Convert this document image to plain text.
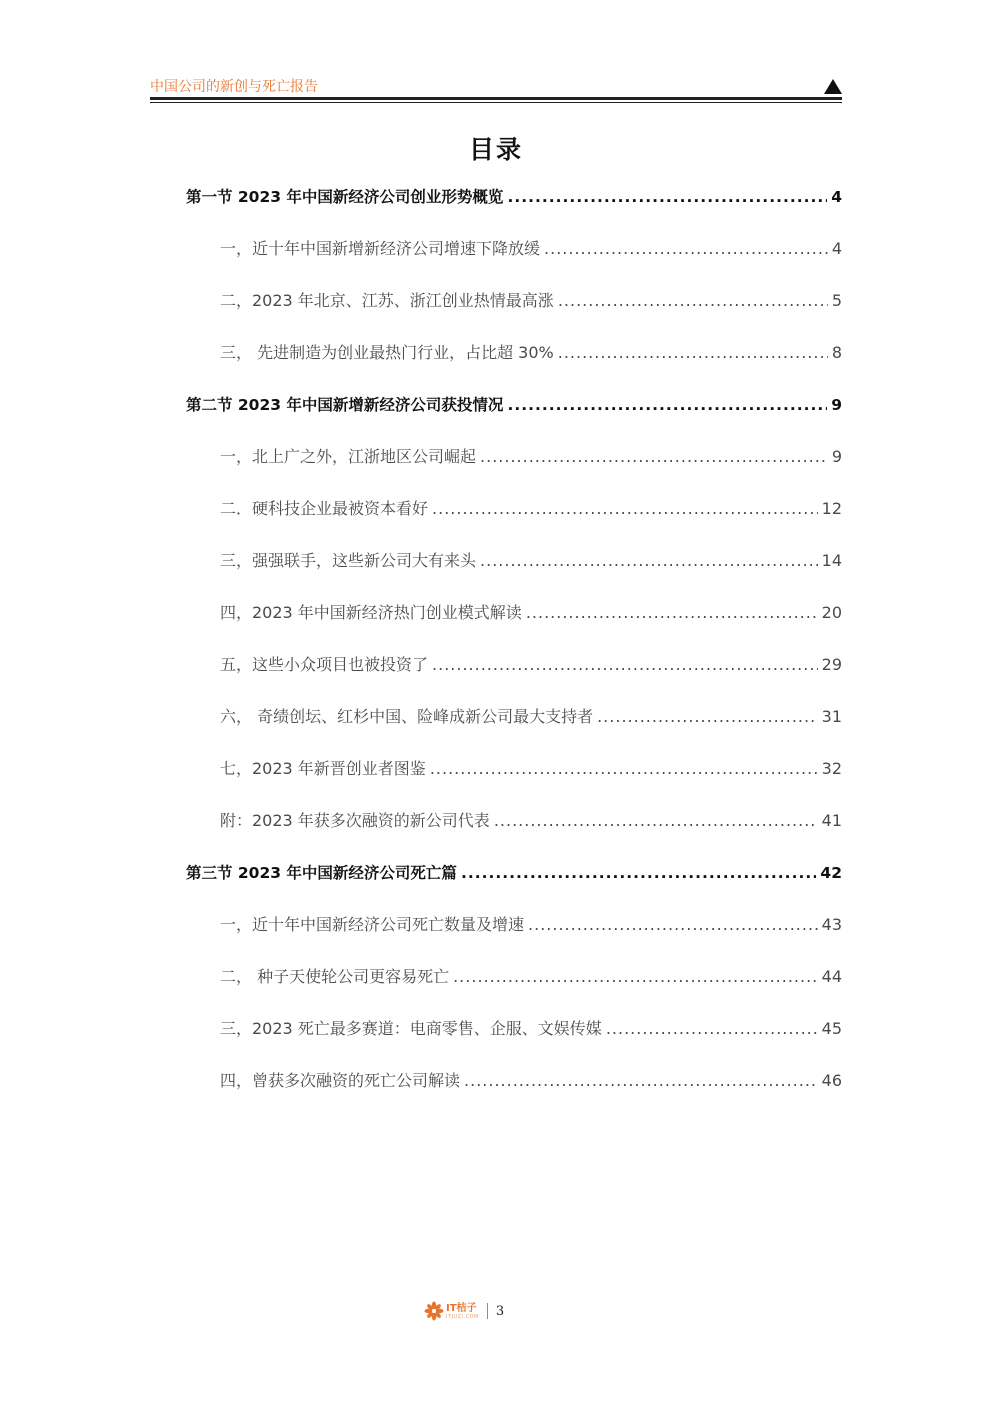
中国公司的新创与死亡报告
目录
第一节 2023 年中国新经济公司创业形势概览 .....	4
一，近十年中国新增新经济公司增速下降放缓 .....	4
二，2023 年北京、江苏、浙江创业热情最高涨 .....	5
三， 先进制造为创业最热门行业，占比超 30% .....	8
第二节 2023 年中国新增新经济公司获投情况 .....	9
一，北上广之外，江浙地区公司崛起 .....	9
二．硬科技企业最被资本看好 .....	12
三，强强联手，这些新公司大有来头 .....	14
四，2023 年中国新经济热门创业模式解读 .....	20
五，这些小众项目也被投资了 .....	29
六， 奇绩创坛、红杉中国、险峰成新公司最大支持者 .....	31
七，2023 年新晋创业者图鉴 .....	32
附：2023 年获多次融资的新公司代表 .....	41
第三节 2023 年中国新经济公司死亡篇 .....	42
一，近十年中国新经济公司死亡数量及增速 .....	43
二， 种子天使轮公司更容易死亡 .....	44
三，2023 死亡最多赛道：电商零售、企服、文娱传媒 .....	45
四，曾获多次融资的死亡公司解读 .....	46
IT桔子
ITJUZI.COM 3
